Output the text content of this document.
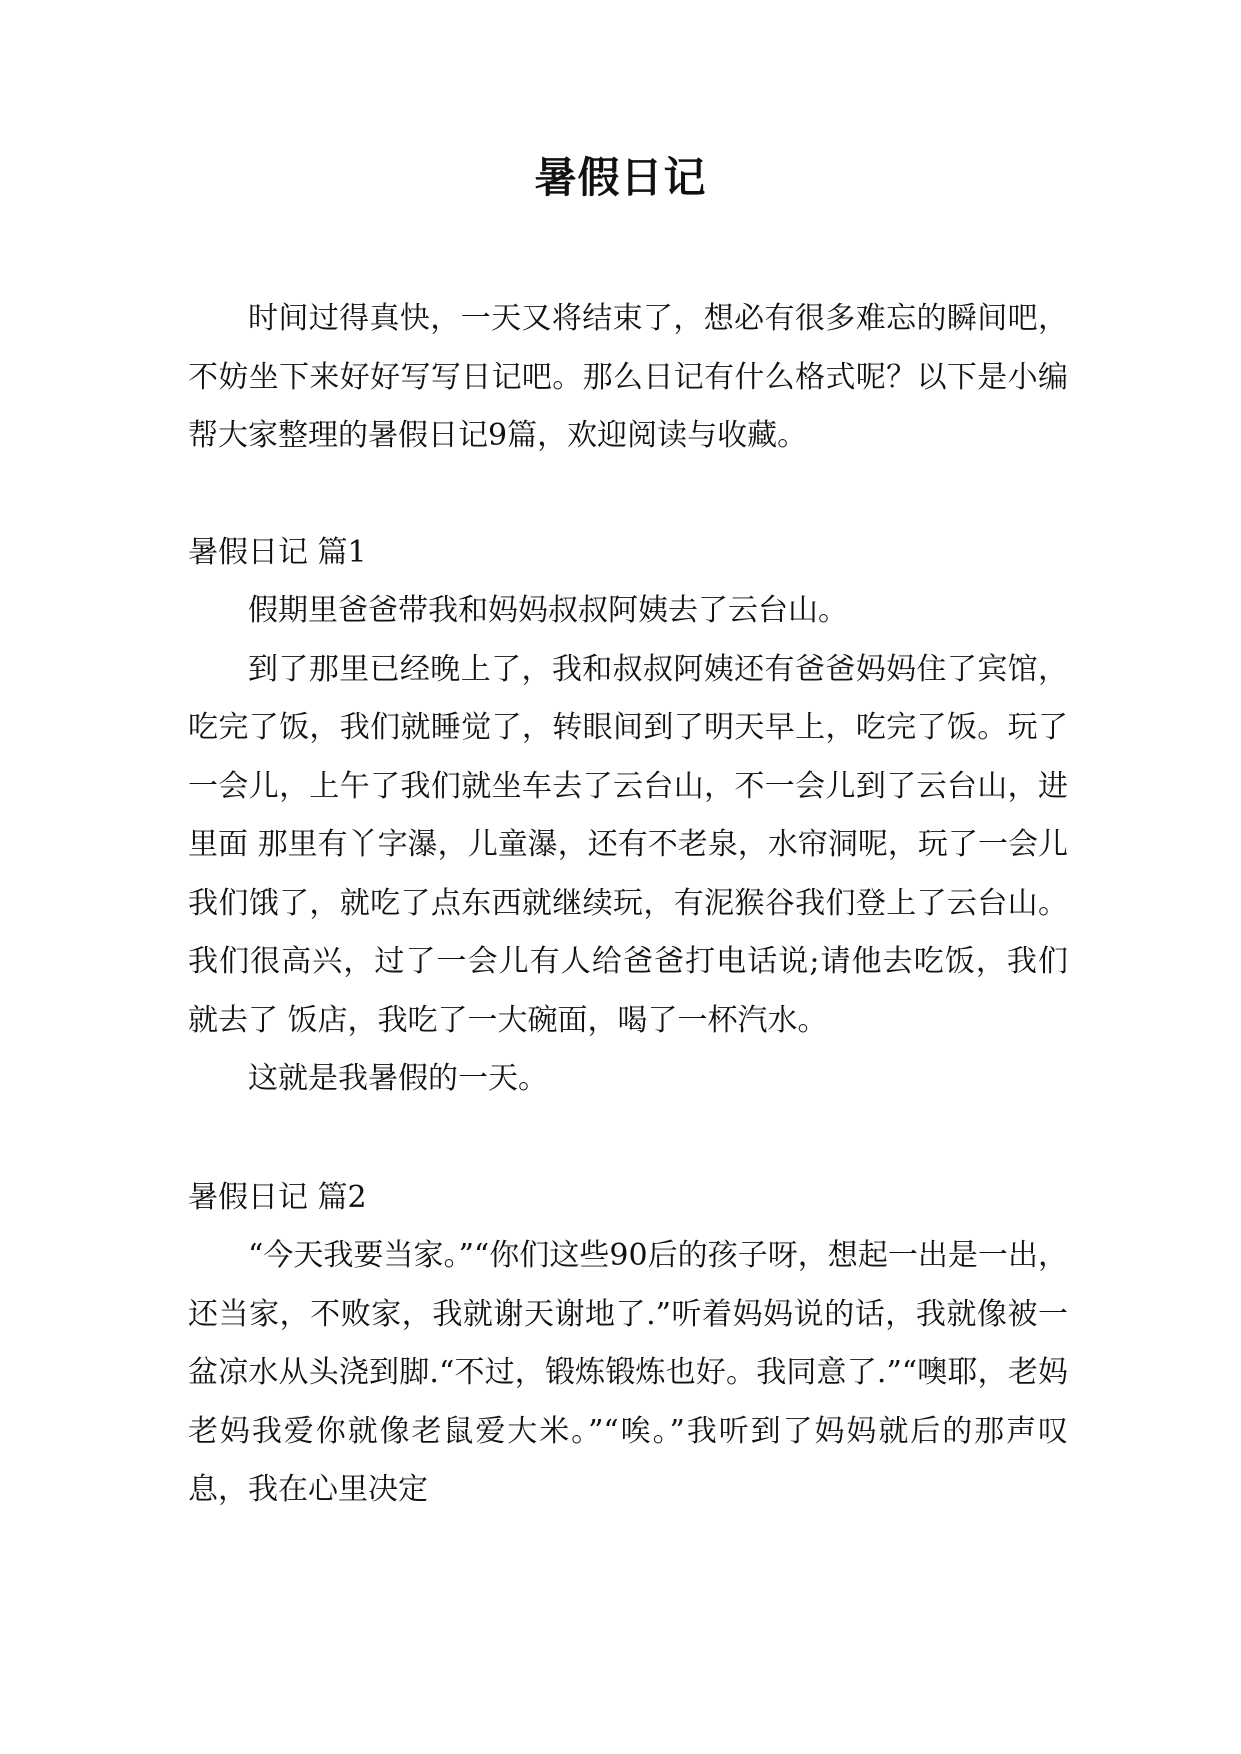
暑假日记

时间过得真快，一天又将结束了，想必有很多难忘的瞬间吧，不妨坐下来好好写写日记吧。那么日记有什么格式呢？以下是小编帮大家整理的暑假日记9篇，欢迎阅读与收藏。

暑假日记 篇1

假期里爸爸带我和妈妈叔叔阿姨去了云台山。

到了那里已经晚上了，我和叔叔阿姨还有爸爸妈妈住了宾馆，吃完了饭，我们就睡觉了，转眼间到了明天早上，吃完了饭。玩了一会儿，上午了我们就坐车去了云台山，不一会儿到了云台山，进里面 那里有丫字瀑，儿童瀑，还有不老泉，水帘洞呢，玩了一会儿我们饿了，就吃了点东西就继续玩，有泥猴谷我们登上了云台山。我们很高兴，过了一会儿有人给爸爸打电话说;请他去吃饭，我们就去了 饭店，我吃了一大碗面，喝了一杯汽水。

这就是我暑假的一天。

暑假日记 篇2

“今天我要当家。”“你们这些90后的孩子呀，想起一出是一出，还当家，不败家，我就谢天谢地了.”听着妈妈说的话，我就像被一盆凉水从头浇到脚.“不过，锻炼锻炼也好。我同意了.”“噢耶，老妈老妈我爱你就像老鼠爱大米。”“唉。”我听到了妈妈就后的那声叹息，我在心里决定
